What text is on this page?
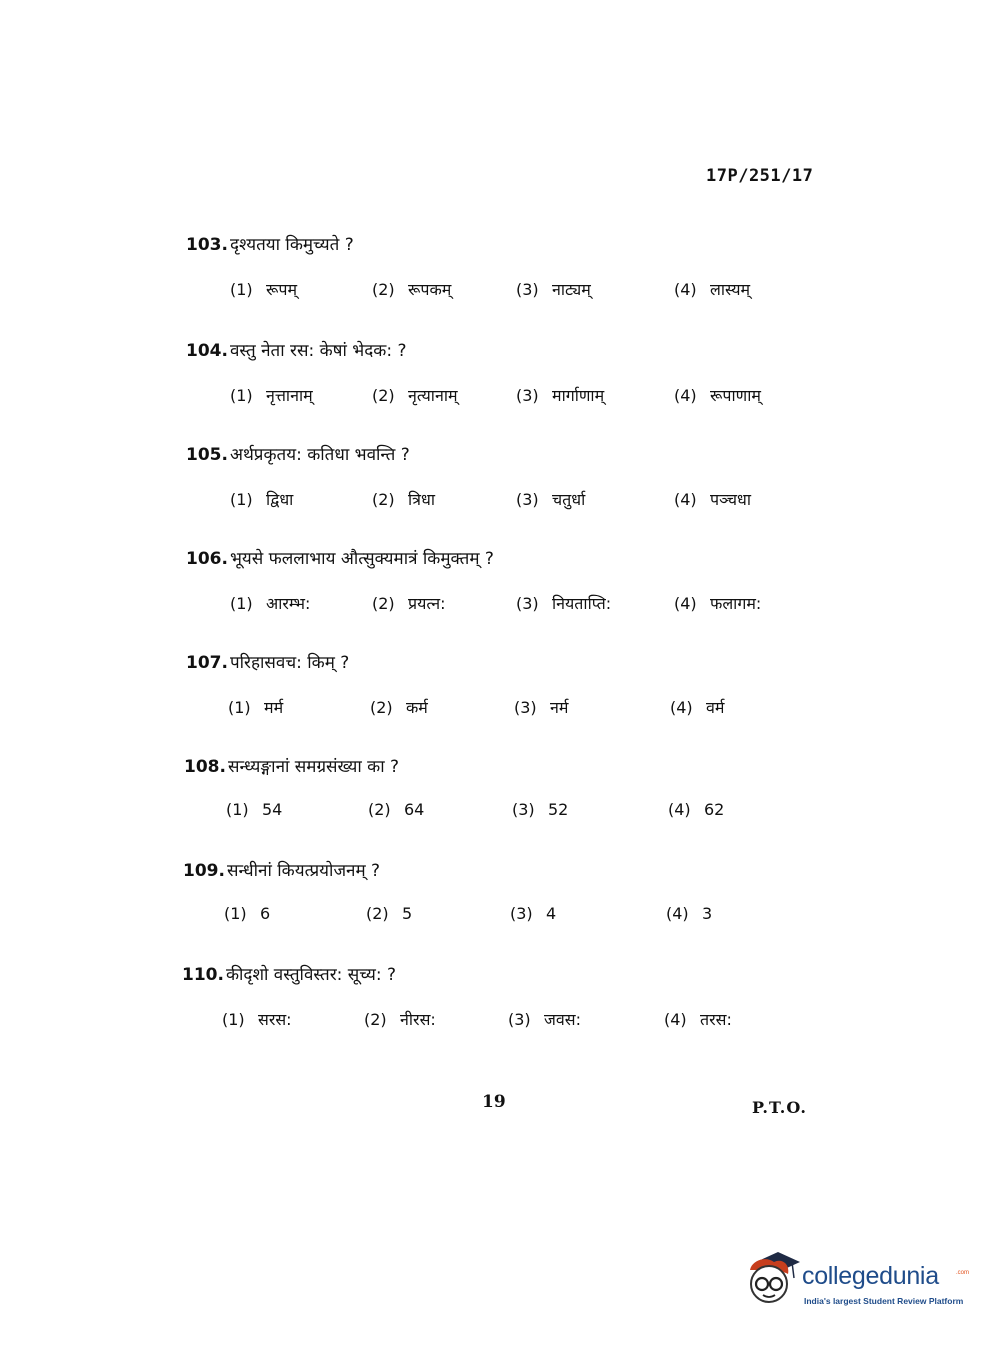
17P/251/17
103. दृश्यतया किमुच्यते ?
(1) रूपम्	(2) रूपकम्	(3) नाट्यम्	(4) लास्यम्
104. वस्तु नेता रस: केषां भेदक: ?
(1) नृत्तानाम्	(2) नृत्यानाम्	(3) मार्गाणाम्	(4) रूपाणाम्
105. अर्थप्रकृतय: कतिधा भवन्ति ?
(1) द्विधा	(2) त्रिधा	(3) चतुर्धा	(4) पञ्चधा
106. भूयसे फललाभाय औत्सुक्यमात्रं किमुक्तम् ?
(1) आरम्भ:	(2) प्रयत्न:	(3) नियताप्ति:	(4) फलागम:
107. परिहासवच: किम् ?
(1) मर्म	(2) कर्म	(3) नर्म	(4) वर्म
108. सन्ध्यङ्गानां समग्रसंख्या का ?
(1) 54	(2) 64	(3) 52	(4) 62
109. सन्धीनां कियत्प्रयोजनम् ?
(1) 6	(2) 5	(3) 4	(4) 3
110. कीदृशो वस्तुविस्तर: सूच्य: ?
(1) सरस:	(2) नीरस:	(3) जवस:	(4) तरस:
19	P.T.O.
collegedunia	.com
India's largest Student Review Platform
